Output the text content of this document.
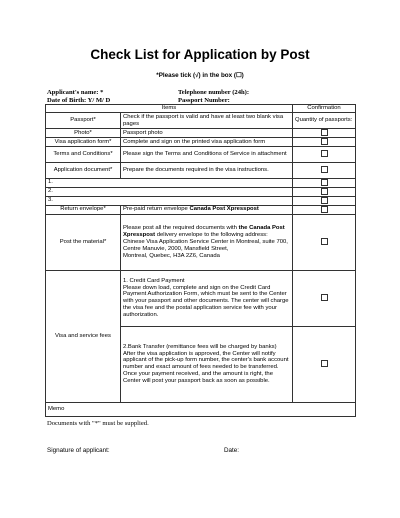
Check List for Application by Post
*Please tick (√) in the box (☐)
Applicant's name: *
Date of Birth: Y/ M/ D
Telephone number (24h):
Passport Number:
Items		Confirmation
Passport*	Check if the passport is valid and have at least two blank visa pages	Quantity of passports:
Photo*	Passport photo	
Visa application form*	Complete and sign on the printed visa application form	
Terms and Conditions*	Please sign the Terms and Conditions of Service in attachment	
Application document*	Prepare the documents required in the visa instructions.	
1.		
2.		
3.		
Return envelope*	Pre-paid return envelope Canada Post Xpresspost	
Post the material*	Please post all the required documents with the Canada Post Xpresspost delivery envelope to the following address:
Chinese Visa Application Service Center in Montreal, suite 700, Centre Manuvie, 2000, Mansfield Street,
Montreal, Quebec, H3A 2Z6, Canada	

Visa and service fees	1. Credit Card Payment
Please down load, complete and sign on the Credit Card Payment Authorization Form, which must be sent to the Center with your passport and other documents. The center will charge the visa fee and the postal application service fee with your authorization.	

	2.Bank Transfer (remittance fees will be charged by banks)
After the visa application is approved, the Center will notify applicant of the pick-up form number, the center's bank account number and exact amount of fees needed to be transferred. Once your payment received, and the amount is right, the Center will post your passport back as soon as possible.	

Memo		
Documents with "*" must be supplied.
Signature of applicant:	Date:
